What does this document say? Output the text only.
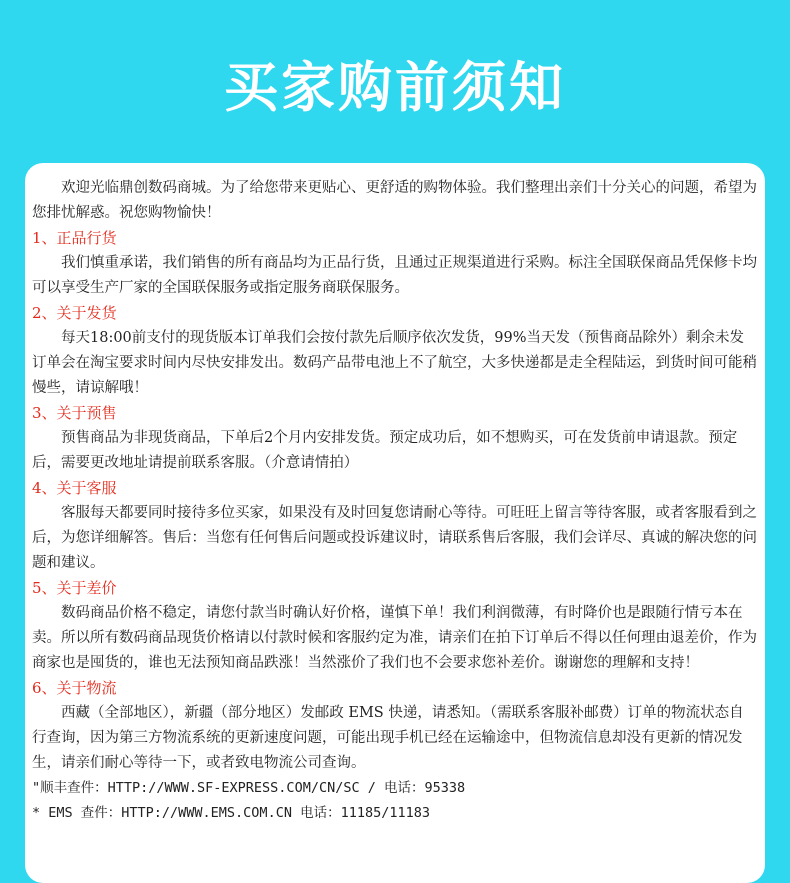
买家购前须知

欢迎光临鼎创数码商城。为了给您带来更贴心、更舒适的购物体验。我们整理出亲们十分关心的问题，希望为您排忧解惑。祝您购物愉快！

1、正品行货

我们慎重承诺，我们销售的所有商品均为正品行货，且通过正规渠道进行采购。标注全国联保商品凭保修卡均可以享受生产厂家的全国联保服务或指定服务商联保服务。

2、关于发货

每天18:00前支付的现货版本订单我们会按付款先后顺序依次发货，99%当天发（预售商品除外）剩余未发订单会在淘宝要求时间内尽快安排发出。数码产品带电池上不了航空，大多快递都是走全程陆运，到货时间可能稍慢些，请谅解哦！

3、关于预售

预售商品为非现货商品，下单后2个月内安排发货。预定成功后，如不想购买，可在发货前申请退款。预定后，需要更改地址请提前联系客服。（介意请情拍）

4、关于客服

客服每天都要同时接待多位买家，如果没有及时回复您请耐心等待。可旺旺上留言等待客服，或者客服看到之后，为您详细解答。售后：当您有任何售后问题或投诉建议时，请联系售后客服，我们会详尽、真诚的解决您的问题和建议。

5、关于差价

数码商品价格不稳定，请您付款当时确认好价格，谨慎下单！我们利润微薄，有时降价也是跟随行情亏本在卖。所以所有数码商品现货价格请以付款时候和客服约定为准，请亲们在拍下订单后不得以任何理由退差价，作为商家也是囤货的，谁也无法预知商品跌涨！当然涨价了我们也不会要求您补差价。谢谢您的理解和支持！

6、关于物流

西藏（全部地区），新疆（部分地区）发邮政 EMS 快递，请悉知。（需联系客服补邮费）订单的物流状态自行查询，因为第三方物流系统的更新速度问题，可能出现手机已经在运输途中，但物流信息却没有更新的情况发生，请亲们耐心等待一下，或者致电物流公司查询。

"顺丰查件：HTTP://WWW.SF-EXPRESS.COM/CN/SC / 电话：95338

* EMS 查件：HTTP://WWW.EMS.COM.CN 电话：11185/11183
